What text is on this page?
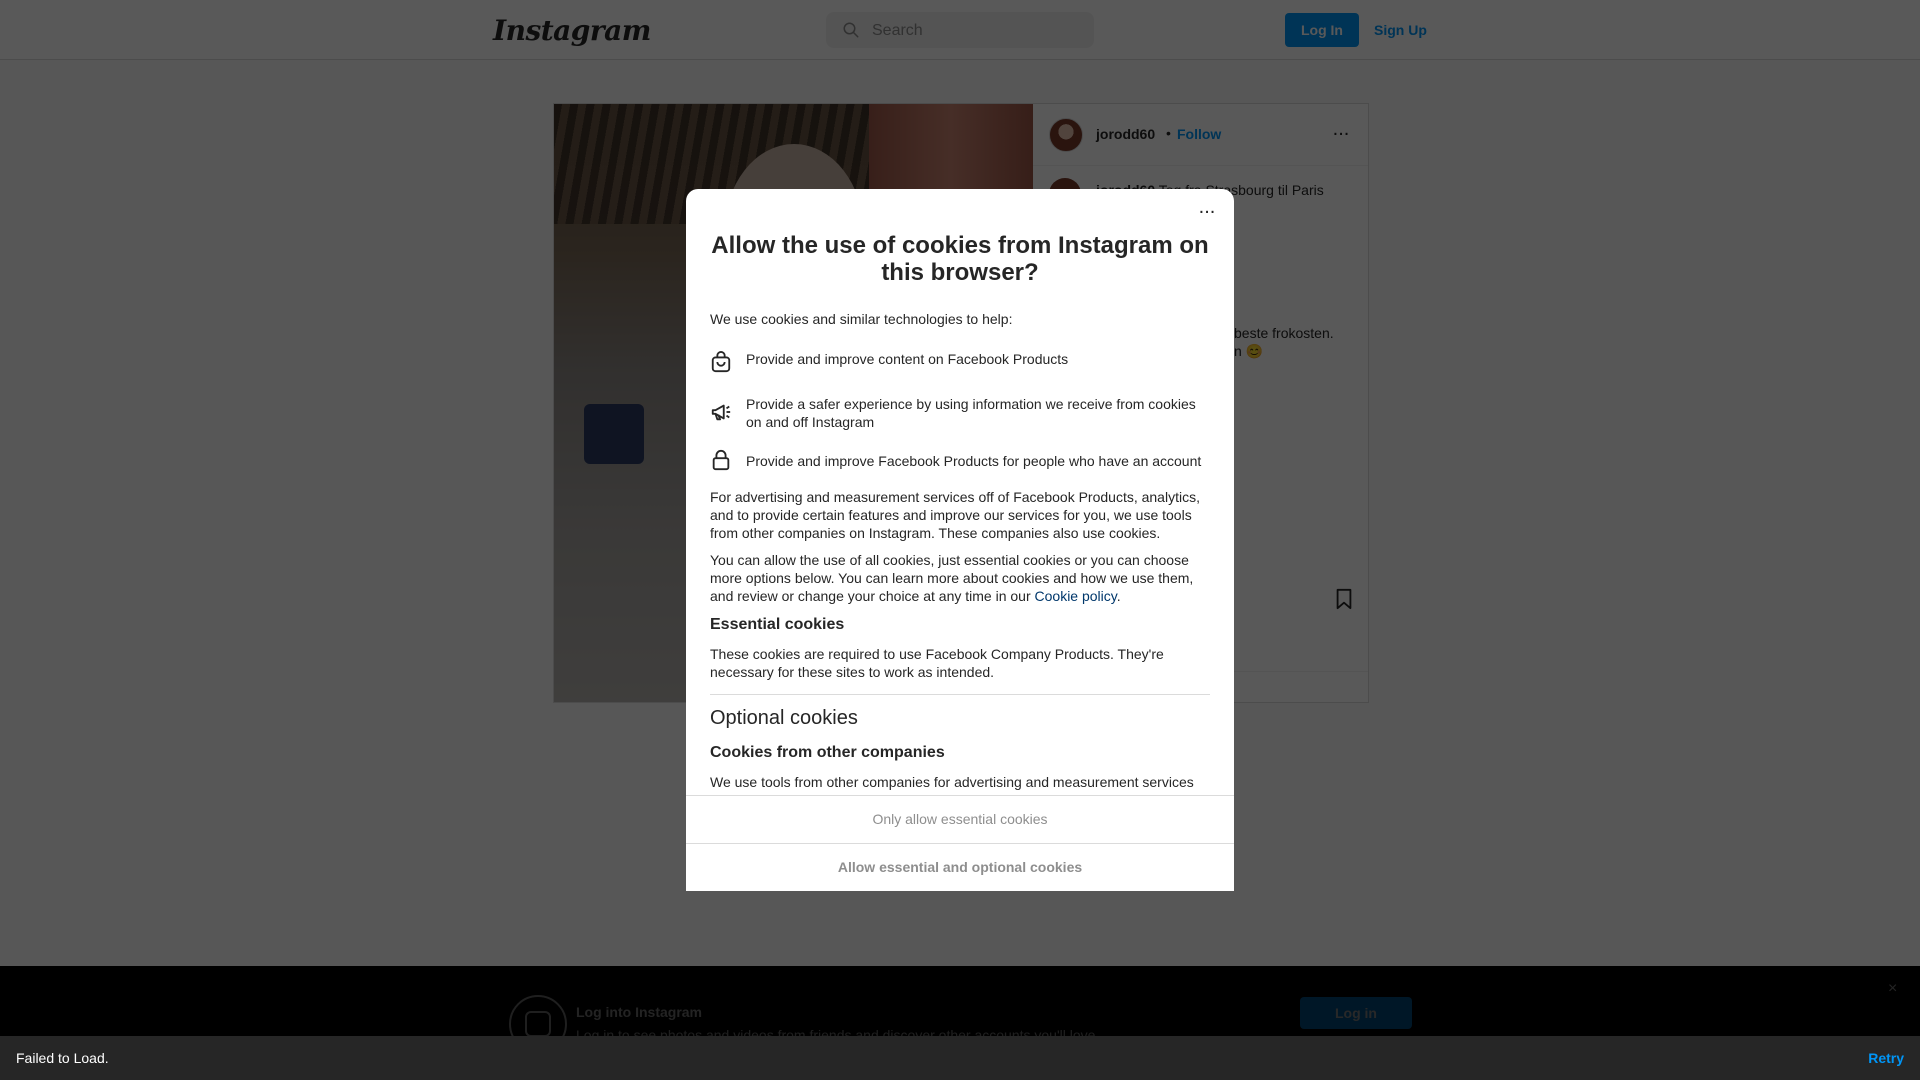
Search
...
Allow the use of cookies from Instagram on this browser?
We use cookies and similar technologies to help:
Provide and improve content on Facebook Products
Provide a safer experience by using information we receive from cookies on and off Instagram
Provide and improve Facebook Products for people who have an account
For advertising and measurement services off of Facebook Products, analytics, and to provide certain features and improve our services for you, we use tools from other companies on Instagram. These companies also use cookies.
You can allow the use of all cookies, just essential cookies or you can choose more options below. You can learn more about cookies and how we use them, and review or change your choice at any time in our Cookie policy.
Essential cookies
These cookies are required to use Facebook Company Products. They're necessary for these sites to work as intended.
Optional cookies
Cookies from other companies
We use tools from other companies for advertising and measurement services
Only allow essential cookies
Allow essential and optional cookies
Failed to Load.	Retry
